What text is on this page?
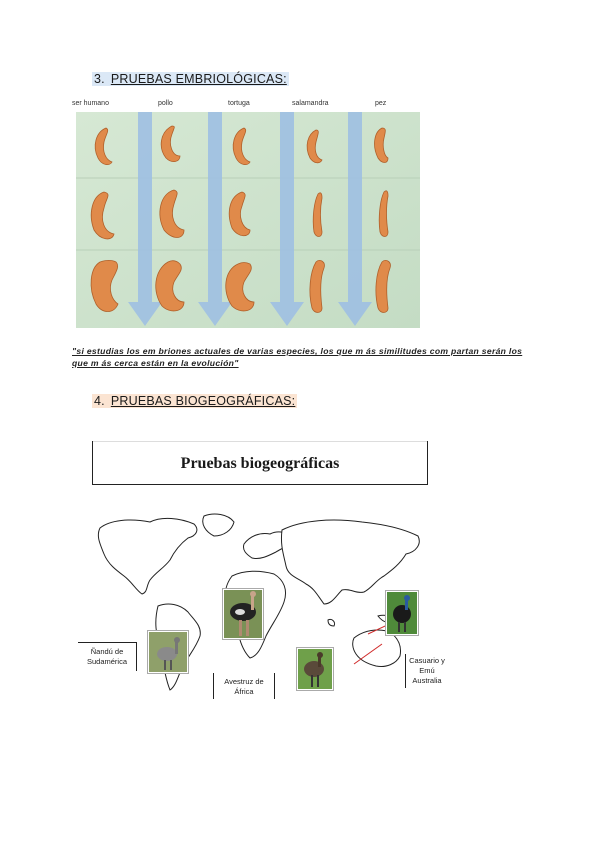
3. PRUEBAS EMBRIOLÓGICAS:
ser humano	pollo	tortuga	salamandra	pez
"si estudias los em briones actuales de varias especies, los que m ás similitudes com partan serán los que m ás cerca están en la evolución"
4. PRUEBAS BIOGEOGRÁFICAS:
Pruebas biogeográficas
Ñandú de Sudamérica
Avestruz de África
Casuario y Emú Australia
